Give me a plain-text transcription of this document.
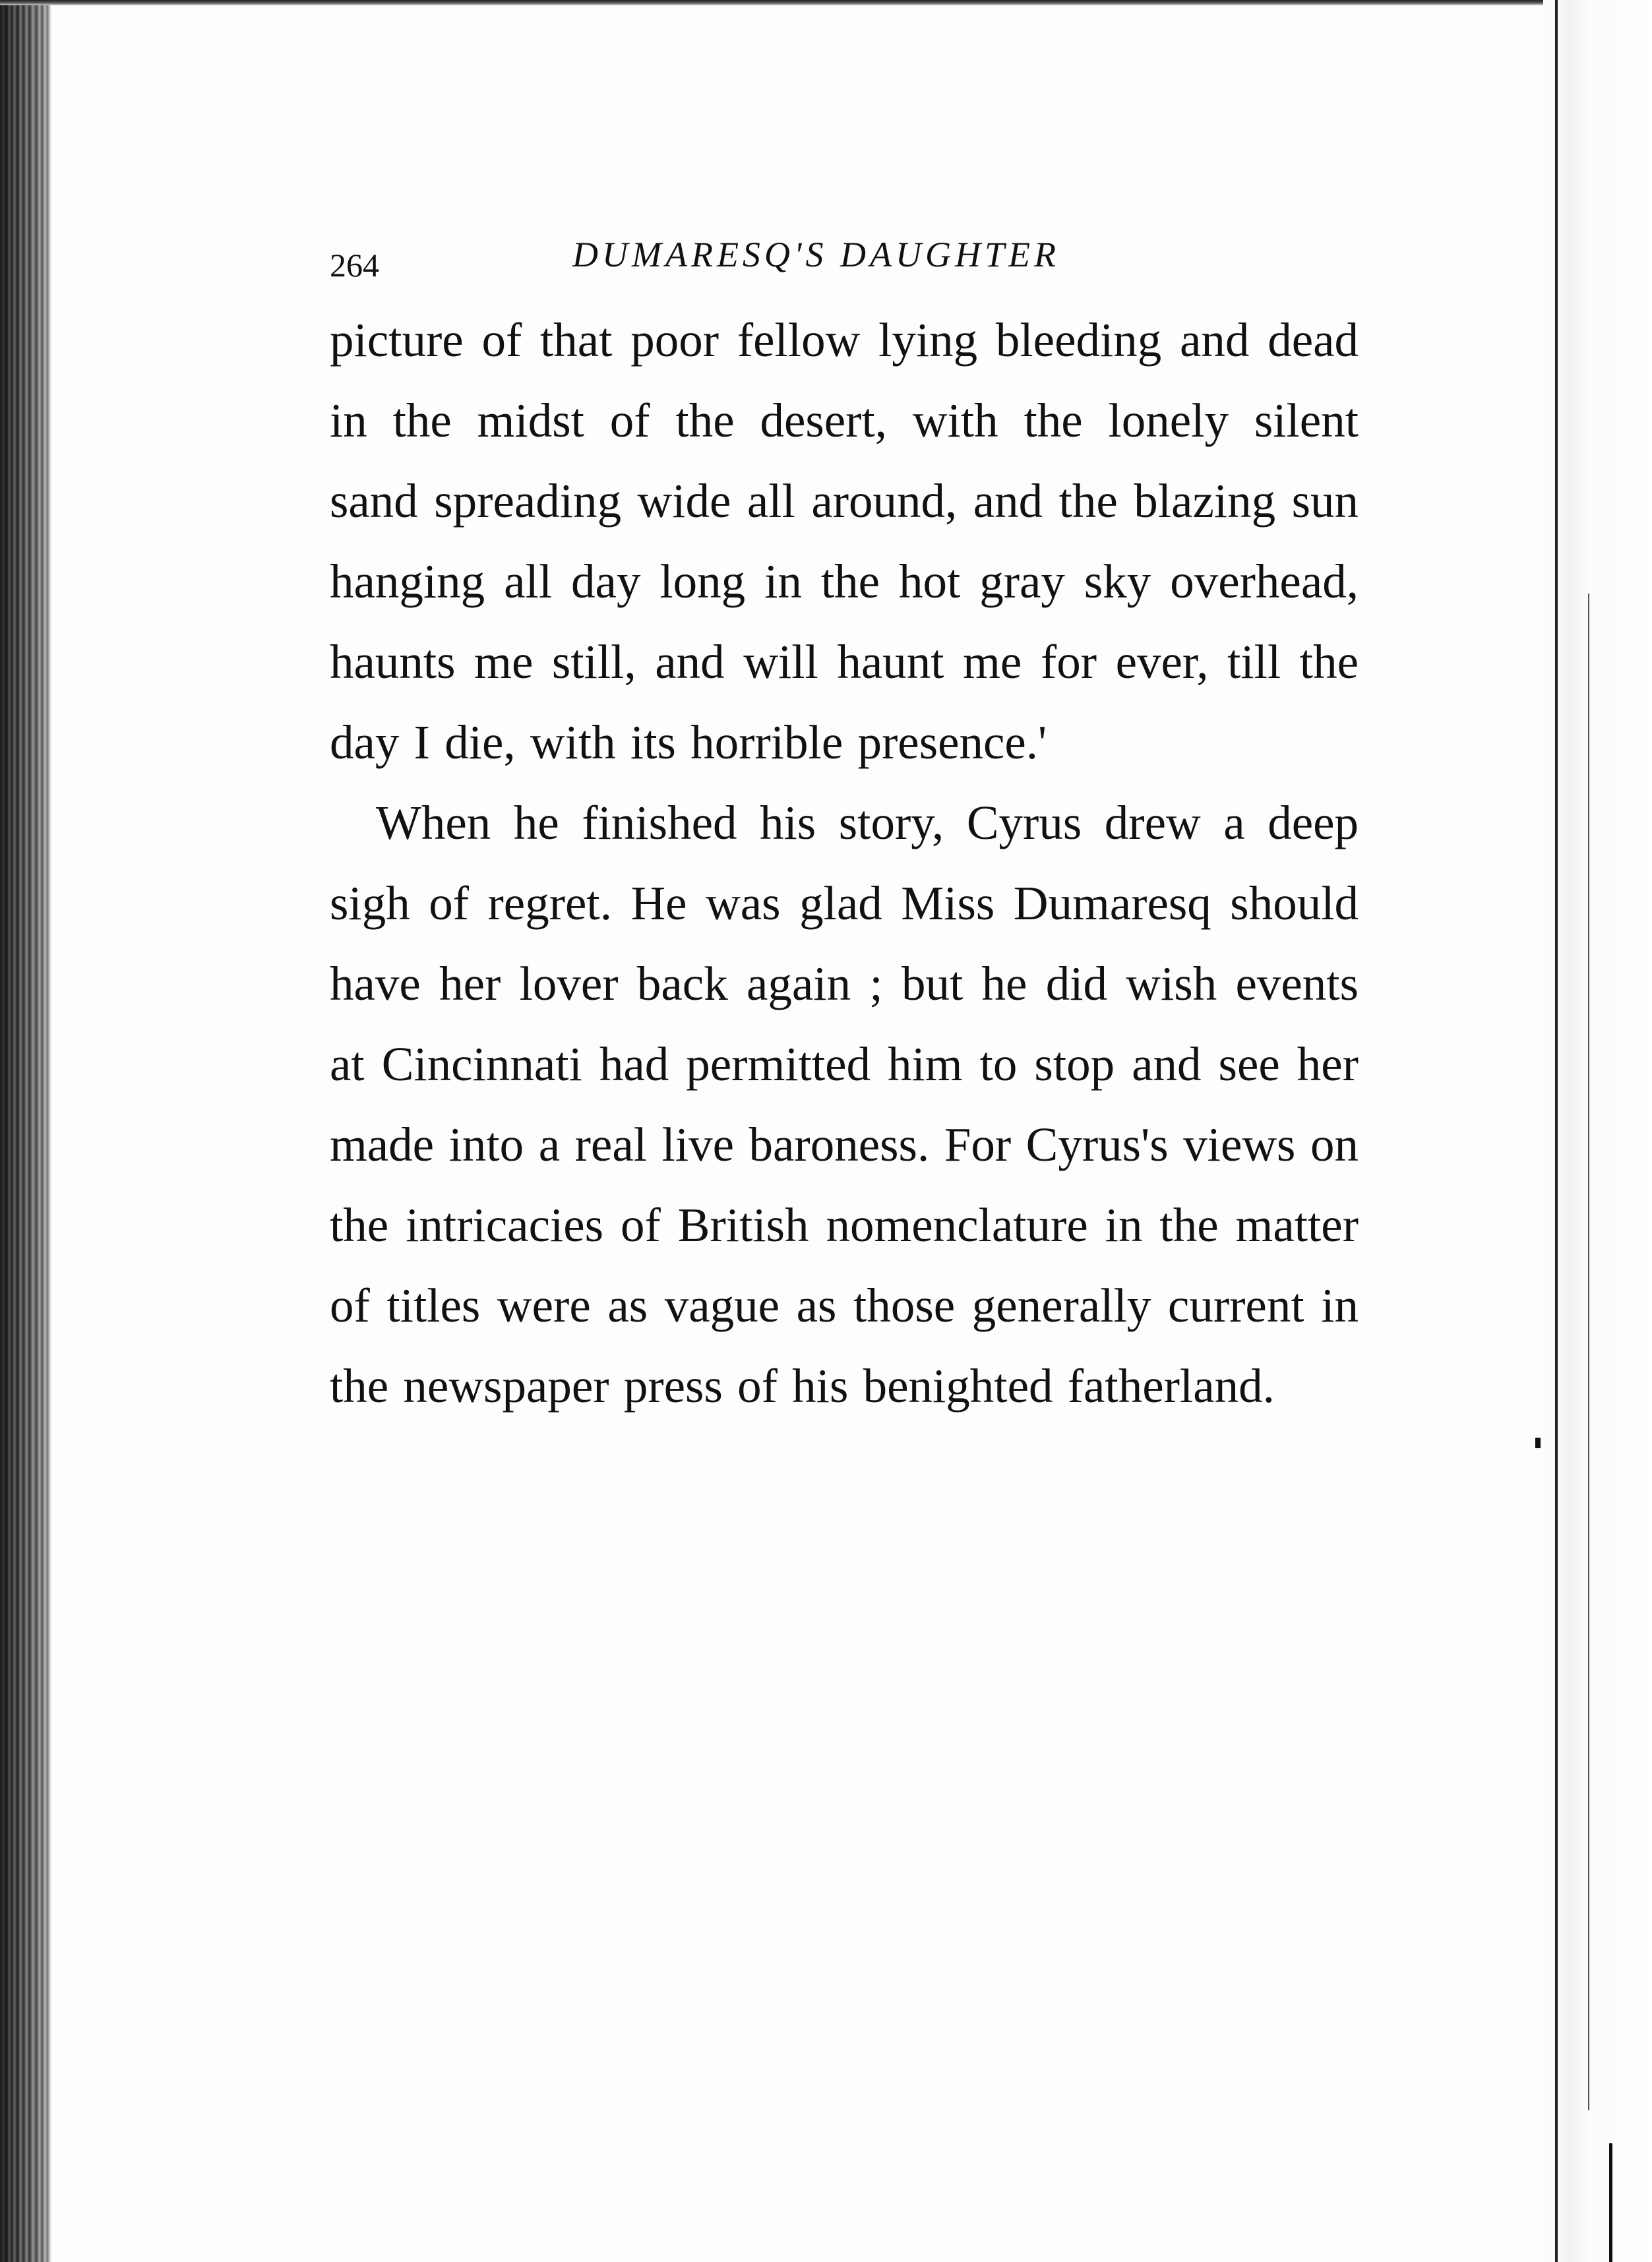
264	DUMARESQ'S DAUGHTER

picture of that poor fellow lying bleeding and dead in the midst of the desert, with the lonely silent sand spreading wide all around, and the blazing sun hanging all day long in the hot gray sky overhead, haunts me still, and will haunt me for ever, till the day I die, with its horrible presence.'

When he finished his story, Cyrus drew a deep sigh of regret. He was glad Miss Dumaresq should have her lover back again ; but he did wish events at Cincinnati had permitted him to stop and see her made into a real live baroness. For Cyrus's views on the intricacies of British nomenclature in the matter of titles were as vague as those generally current in the newspaper press of his benighted fatherland.
